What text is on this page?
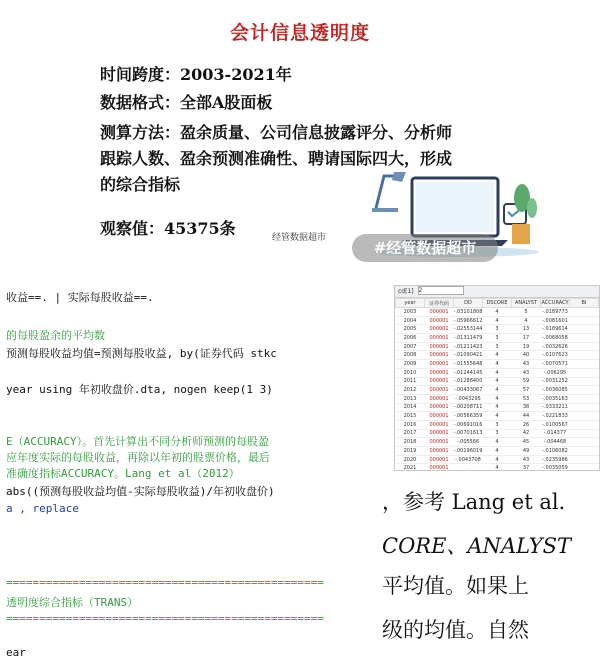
会计信息透明度
时间跨度：2003-2021年
数据格式：全部A股面板
测算方法：盈余质量、公司信息披露评分、分析师
跟踪人数、盈余预测准确性、聘请国际四大，形成
的综合指标
观察值：45375条	经管数据超市
#经管数据超市
收益==. | 实际每股收益==.
的每股盈余的平均数
预测每股收益均值=预测每股收益, by(证券代码 stkc
year using 年初收盘价.dta, nogen keep(1 3)
E（ACCURACY）。首先计算出不同分析师预测的每股盈
应年度实际的每股收益，再除以年初的股票价格，最后
准确度指标ACCURACY。Lang et al（2012）
abs((预测每股收益均值-实际每股收益)/年初收盘价)
a , replace
cd[1] 2
year	证券代码	DD	DSCORE	ANALYST	ACCURACY	BI
2003	000001	-.03101808	4	5	-.0189773	
2004	000001	-.05966612	4	4	-.0081601	
2005	000001	-.02553144	3	13	-.0189614	
2006	000001	-.01311479	3	17	-.0068058	
2007	000001	-.01211423	3	19	-.0032626	
2008	000001	-.01090421	4	40	-.0107623	
2009	000001	-.01555648	4	43	-.0070571	
2010	000001	-.01244145	4	43	-.006295	
2011	000001	-.01288400	4	59	-.0031252	
2012	000001	-.00433067	4	57	-.0036085	
2013	000001	-.0043295	4	53	-.0035163	
2014	000001	-.00208711	4	38	-.0333211	
2015	000001	-.00566359	4	44	-.0221833	
2016	000001	-.00691016	3	26	-.0100567	
2017	000001	-.00701613	3	42	-.014377	
2018	000001	-.005566	4	45	-.004468	
2019	000001	-.00196019	4	49	-.0106082	
2020	000001	-.0043708	4	43	-.0235986	
2021	000001	.	4	37	-.0035059	
，参考 Lang et al.
CORE、ANALYST
平均值。如果上
级的均值。自然
================================================
透明度综合指标（TRANS）
================================================
ear
